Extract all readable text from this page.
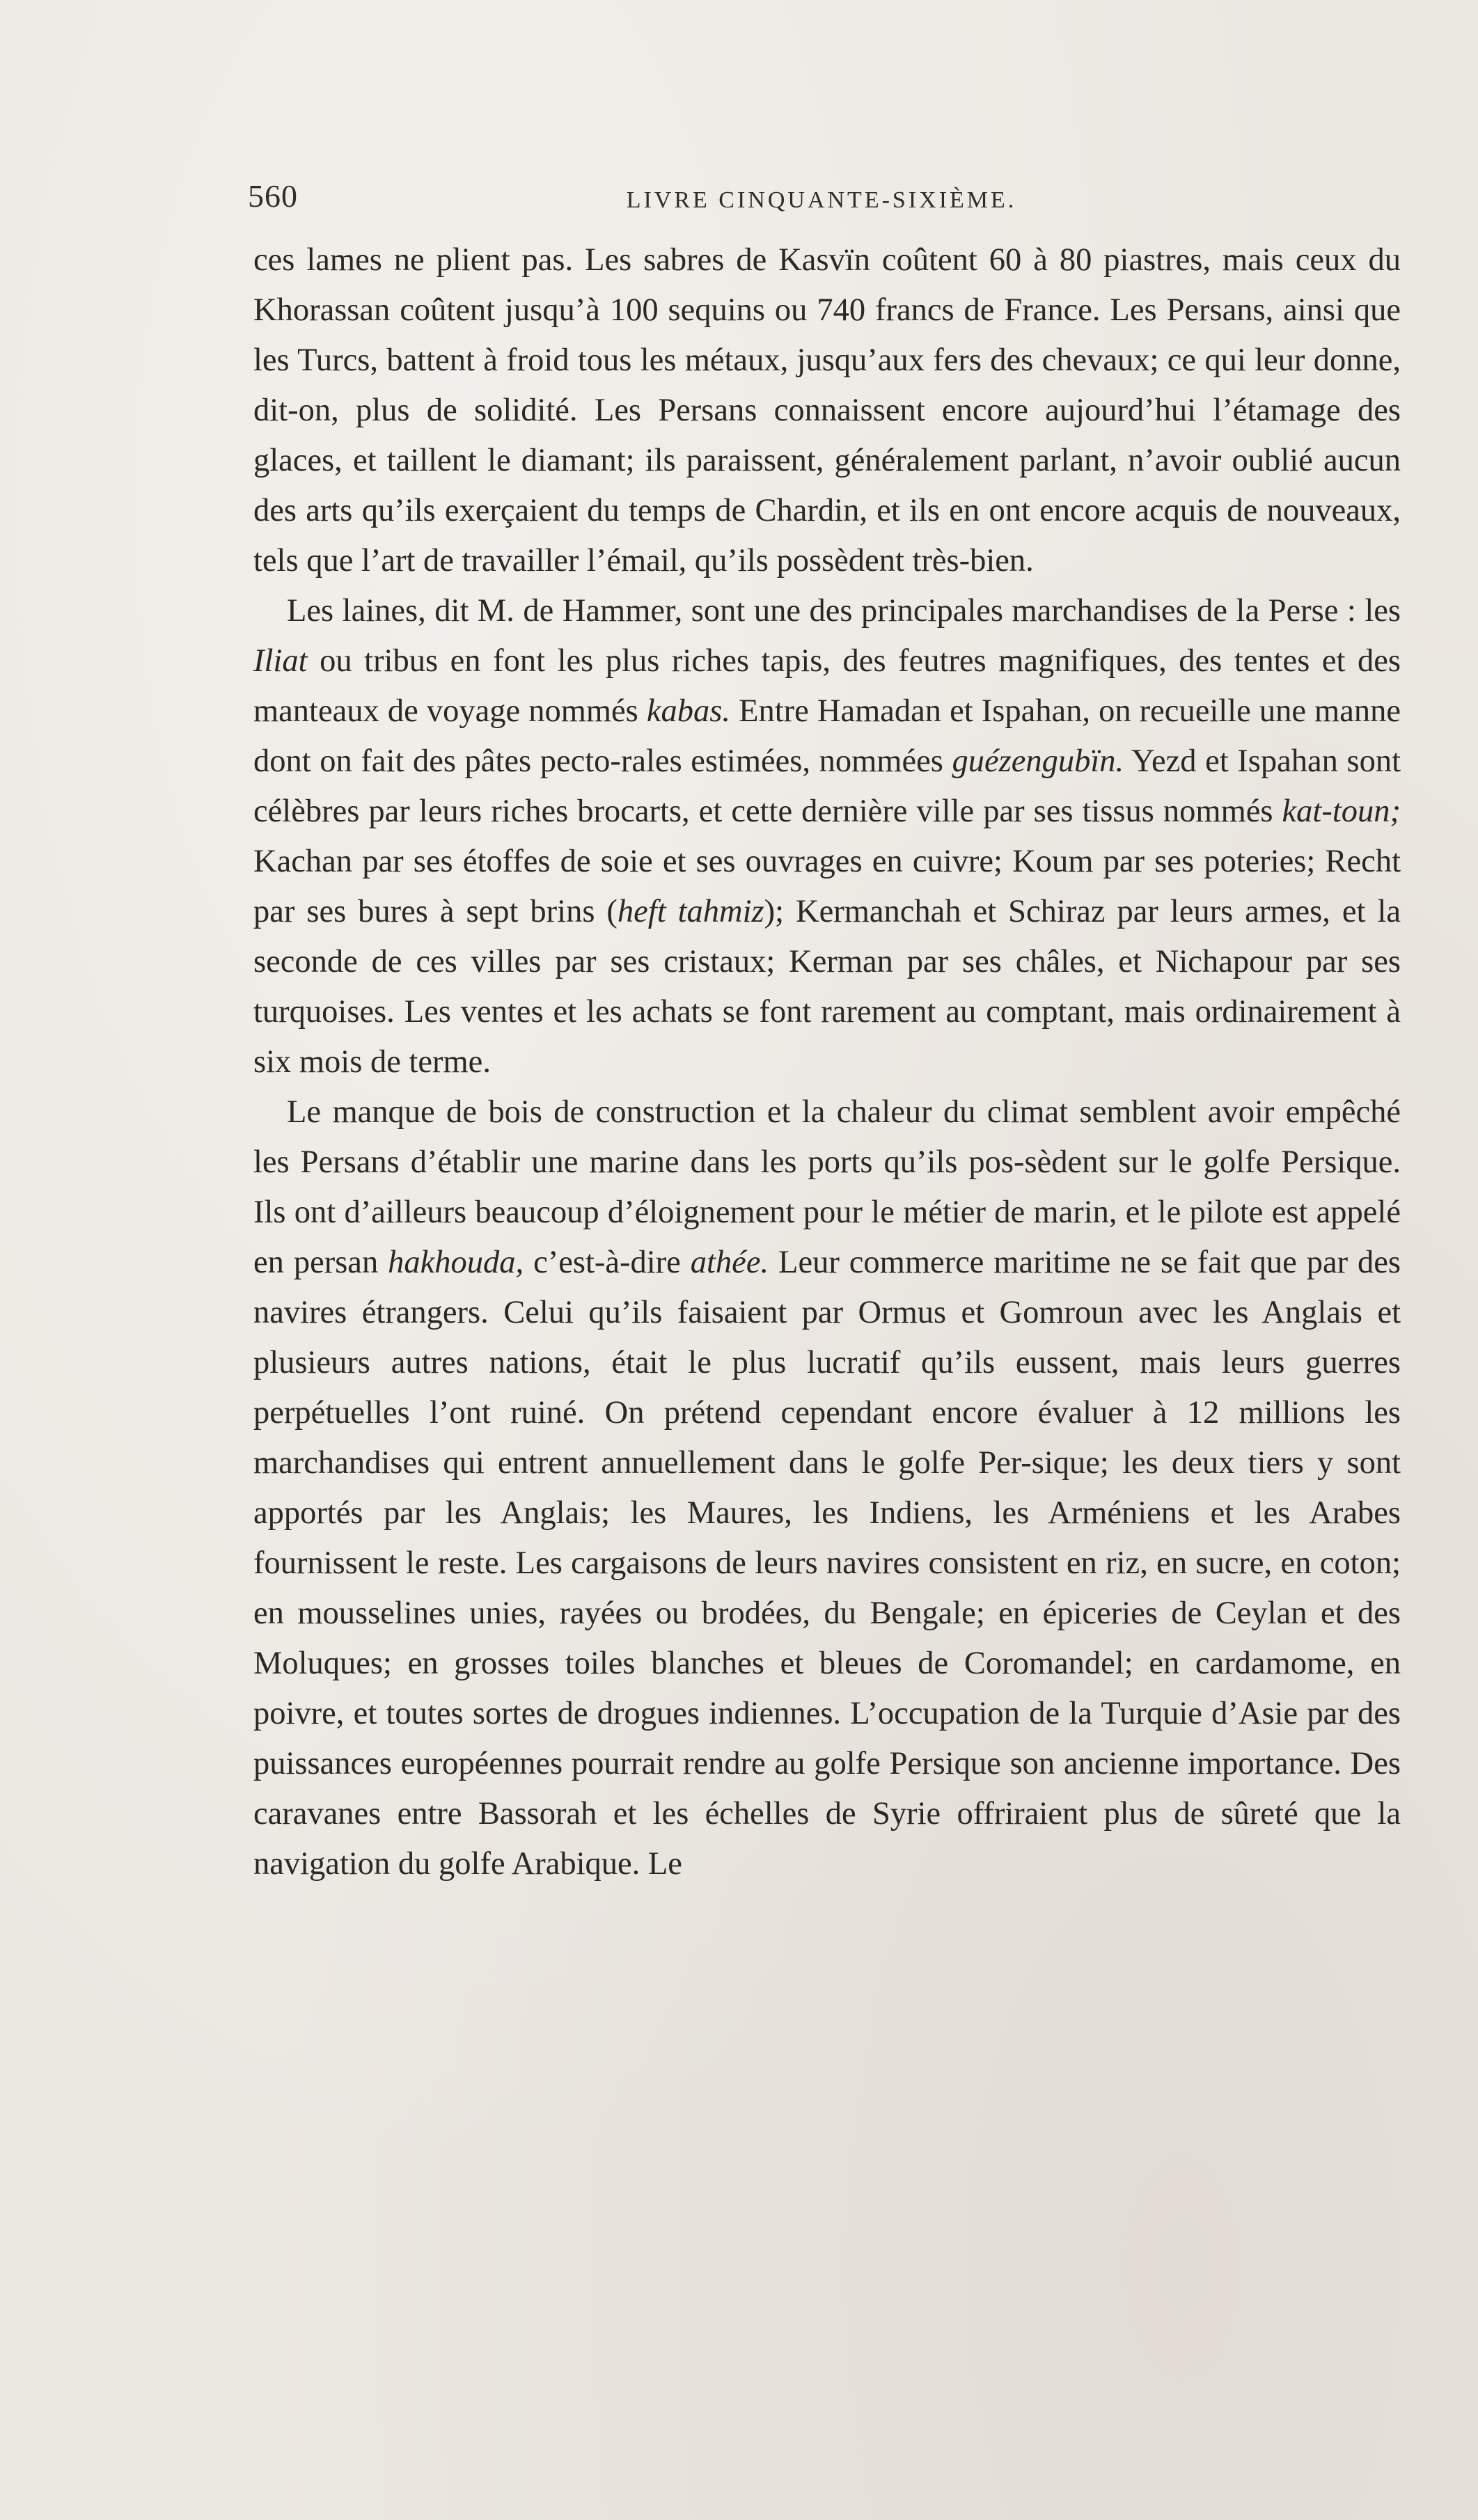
560	LIVRE CINQUANTE-SIXIÈME.

ces lames ne plient pas. Les sabres de Kasvïn coûtent 60 à 80 piastres, mais ceux du Khorassan coûtent jusqu’à 100 sequins ou 740 francs de France. Les Persans, ainsi que les Turcs, battent à froid tous les métaux, jusqu’aux fers des chevaux; ce qui leur donne, dit-on, plus de solidité. Les Persans connaissent encore aujourd’hui l’étamage des glaces, et taillent le diamant; ils paraissent, généralement parlant, n’avoir oublié aucun des arts qu’ils exerçaient du temps de Chardin, et ils en ont encore acquis de nouveaux, tels que l’art de travailler l’émail, qu’ils possèdent très-bien.

Les laines, dit M. de Hammer, sont une des principales marchandises de la Perse : les Iliat ou tribus en font les plus riches tapis, des feutres magnifiques, des tentes et des manteaux de voyage nommés kabas. Entre Hamadan et Ispahan, on recueille une manne dont on fait des pâtes pecto-rales estimées, nommées guézengubïn. Yezd et Ispahan sont célèbres par leurs riches brocarts, et cette dernière ville par ses tissus nommés kat-toun; Kachan par ses étoffes de soie et ses ouvrages en cuivre; Koum par ses poteries; Recht par ses bures à sept brins (heft tahmiz); Kermanchah et Schiraz par leurs armes, et la seconde de ces villes par ses cristaux; Kerman par ses châles, et Nichapour par ses turquoises. Les ventes et les achats se font rarement au comptant, mais ordinairement à six mois de terme.

Le manque de bois de construction et la chaleur du climat semblent avoir empêché les Persans d’établir une marine dans les ports qu’ils pos-sèdent sur le golfe Persique. Ils ont d’ailleurs beaucoup d’éloignement pour le métier de marin, et le pilote est appelé en persan hakhouda, c’est-à-dire athée. Leur commerce maritime ne se fait que par des navires étrangers. Celui qu’ils faisaient par Ormus et Gomroun avec les Anglais et plusieurs autres nations, était le plus lucratif qu’ils eussent, mais leurs guerres perpétuelles l’ont ruiné. On prétend cependant encore évaluer à 12 millions les marchandises qui entrent annuellement dans le golfe Per-sique; les deux tiers y sont apportés par les Anglais; les Maures, les Indiens, les Arméniens et les Arabes fournissent le reste. Les cargaisons de leurs navires consistent en riz, en sucre, en coton; en mousselines unies, rayées ou brodées, du Bengale; en épiceries de Ceylan et des Moluques; en grosses toiles blanches et bleues de Coromandel; en cardamome, en poivre, et toutes sortes de drogues indiennes. L’occupation de la Turquie d’Asie par des puissances européennes pourrait rendre au golfe Persique son ancienne importance. Des caravanes entre Bassorah et les échelles de Syrie offriraient plus de sûreté que la navigation du golfe Arabique. Le
